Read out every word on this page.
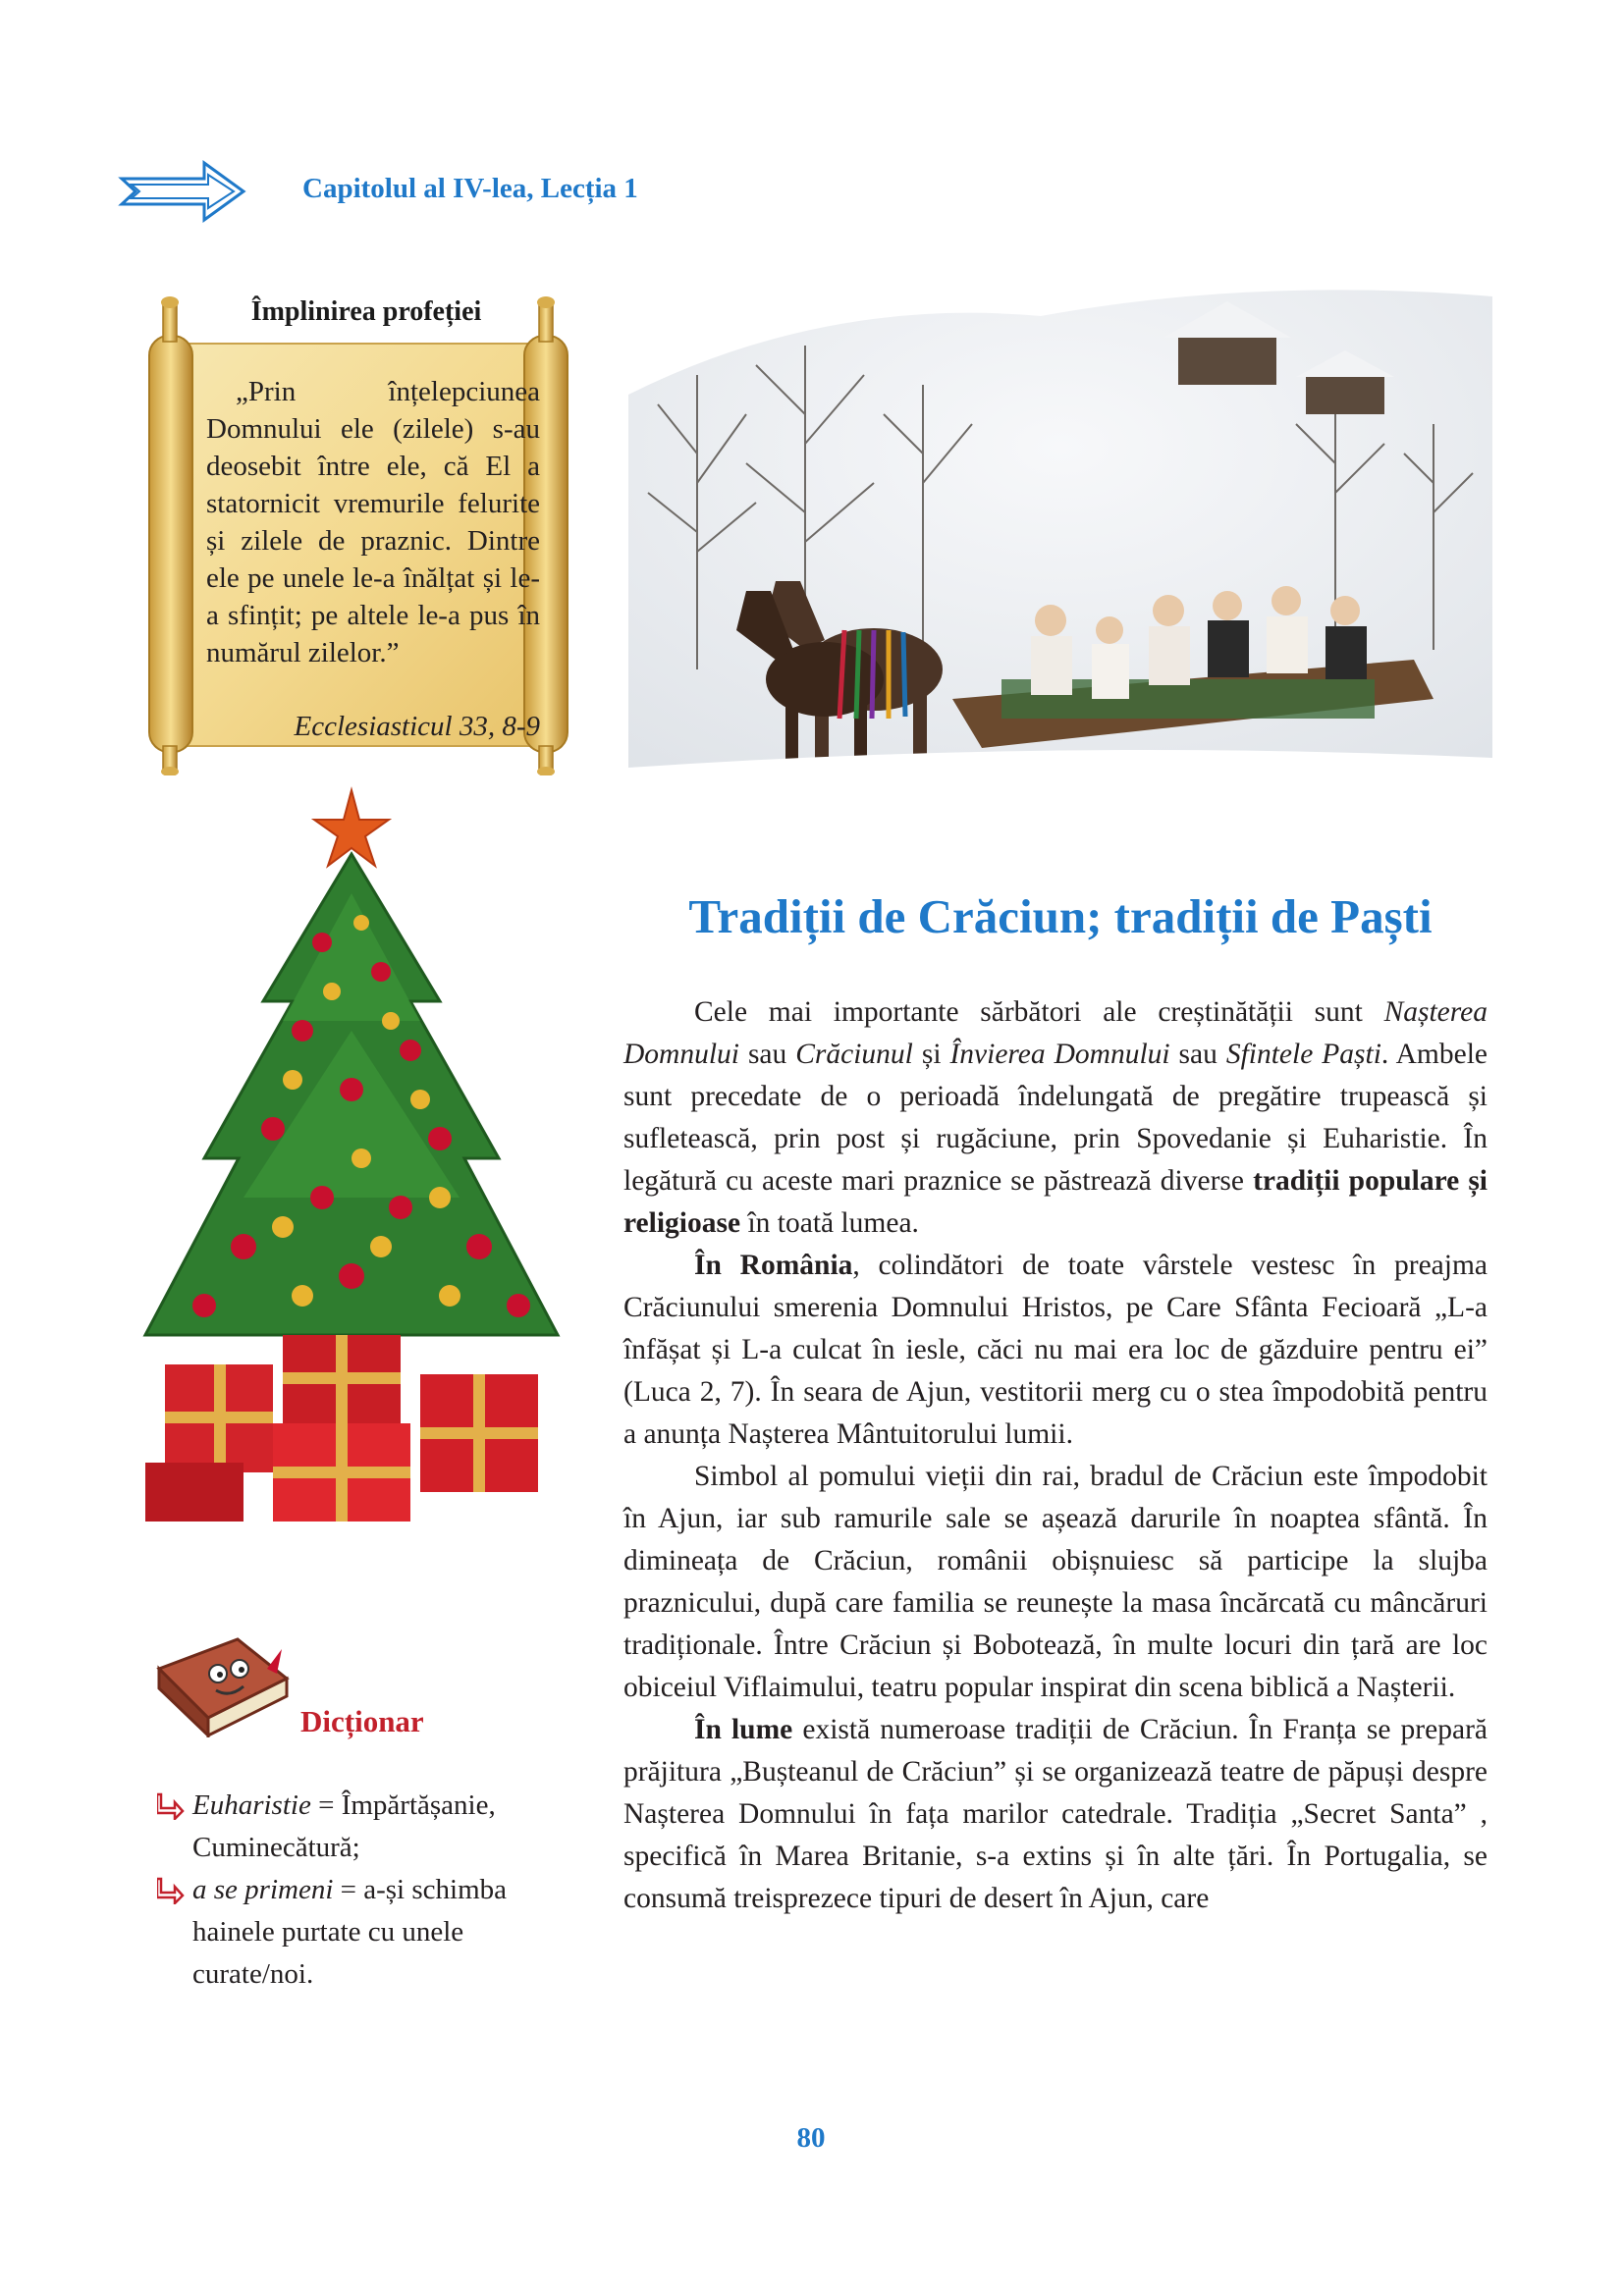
Capitolul al IV-lea, Lecția 1
Împlinirea profeției
„Prin înțelepciunea Domnului ele (zilele) s-au deosebit între ele, că El a statornicit vremurile felurite și zilele de praznic. Dintre ele pe unele le-a înălțat și le-a sfințit; pe altele le-a pus în numărul zilelor.”
Ecclesiasticul 33, 8-9
Tradiții de Crăciun; tradiții de Paști

Cele mai importante sărbători ale creștinătății sunt Nașterea Domnului sau Crăciunul și Învierea Domnului sau Sfintele Paști. Ambele sunt precedate de o perioadă îndelungată de pregătire trupească și sufletească, prin post și rugăciune, prin Spovedanie și Euharistie. În legătură cu aceste mari praznice se păstrează diverse tradiții populare și religioase în toată lumea.

În România, colindători de toate vârstele vestesc în preajma Crăciunului smerenia Domnului Hristos, pe Care Sfânta Fecioară „L-a înfășat și L-a culcat în iesle, căci nu mai era loc de găzduire pentru ei” (Luca 2, 7). În seara de Ajun, vestitorii merg cu o stea împodobită pentru a anunța Nașterea Mântuitorului lumii.

Simbol al pomului vieții din rai, bradul de Crăciun este împodobit în Ajun, iar sub ramurile sale se așează darurile în noaptea sfântă. În dimineața de Crăciun, românii obișnuiesc să participe la slujba praznicului, după care familia se reunește la masa încărcată cu mâncăruri tradiționale. Între Crăciun și Bobotează, în multe locuri din țară are loc obiceiul Viflaimului, teatru popular inspirat din scena biblică a Nașterii.

În lume există numeroase tradiții de Crăciun. În Franța se prepară prăjitura „Bușteanul de Crăciun” și se organizează teatre de păpuși despre Nașterea Domnului în fața marilor catedrale. Tradiția „Secret Santa” , specifică în Marea Britanie, s-a extins și în alte țări. În Portugalia, se consumă treisprezece tipuri de desert în Ajun, care

Dicționar
Euharistie = Împărtășanie, Cuminecătură;
a se primeni = a-și schimba hainele purtate cu unele curate/noi.
80
